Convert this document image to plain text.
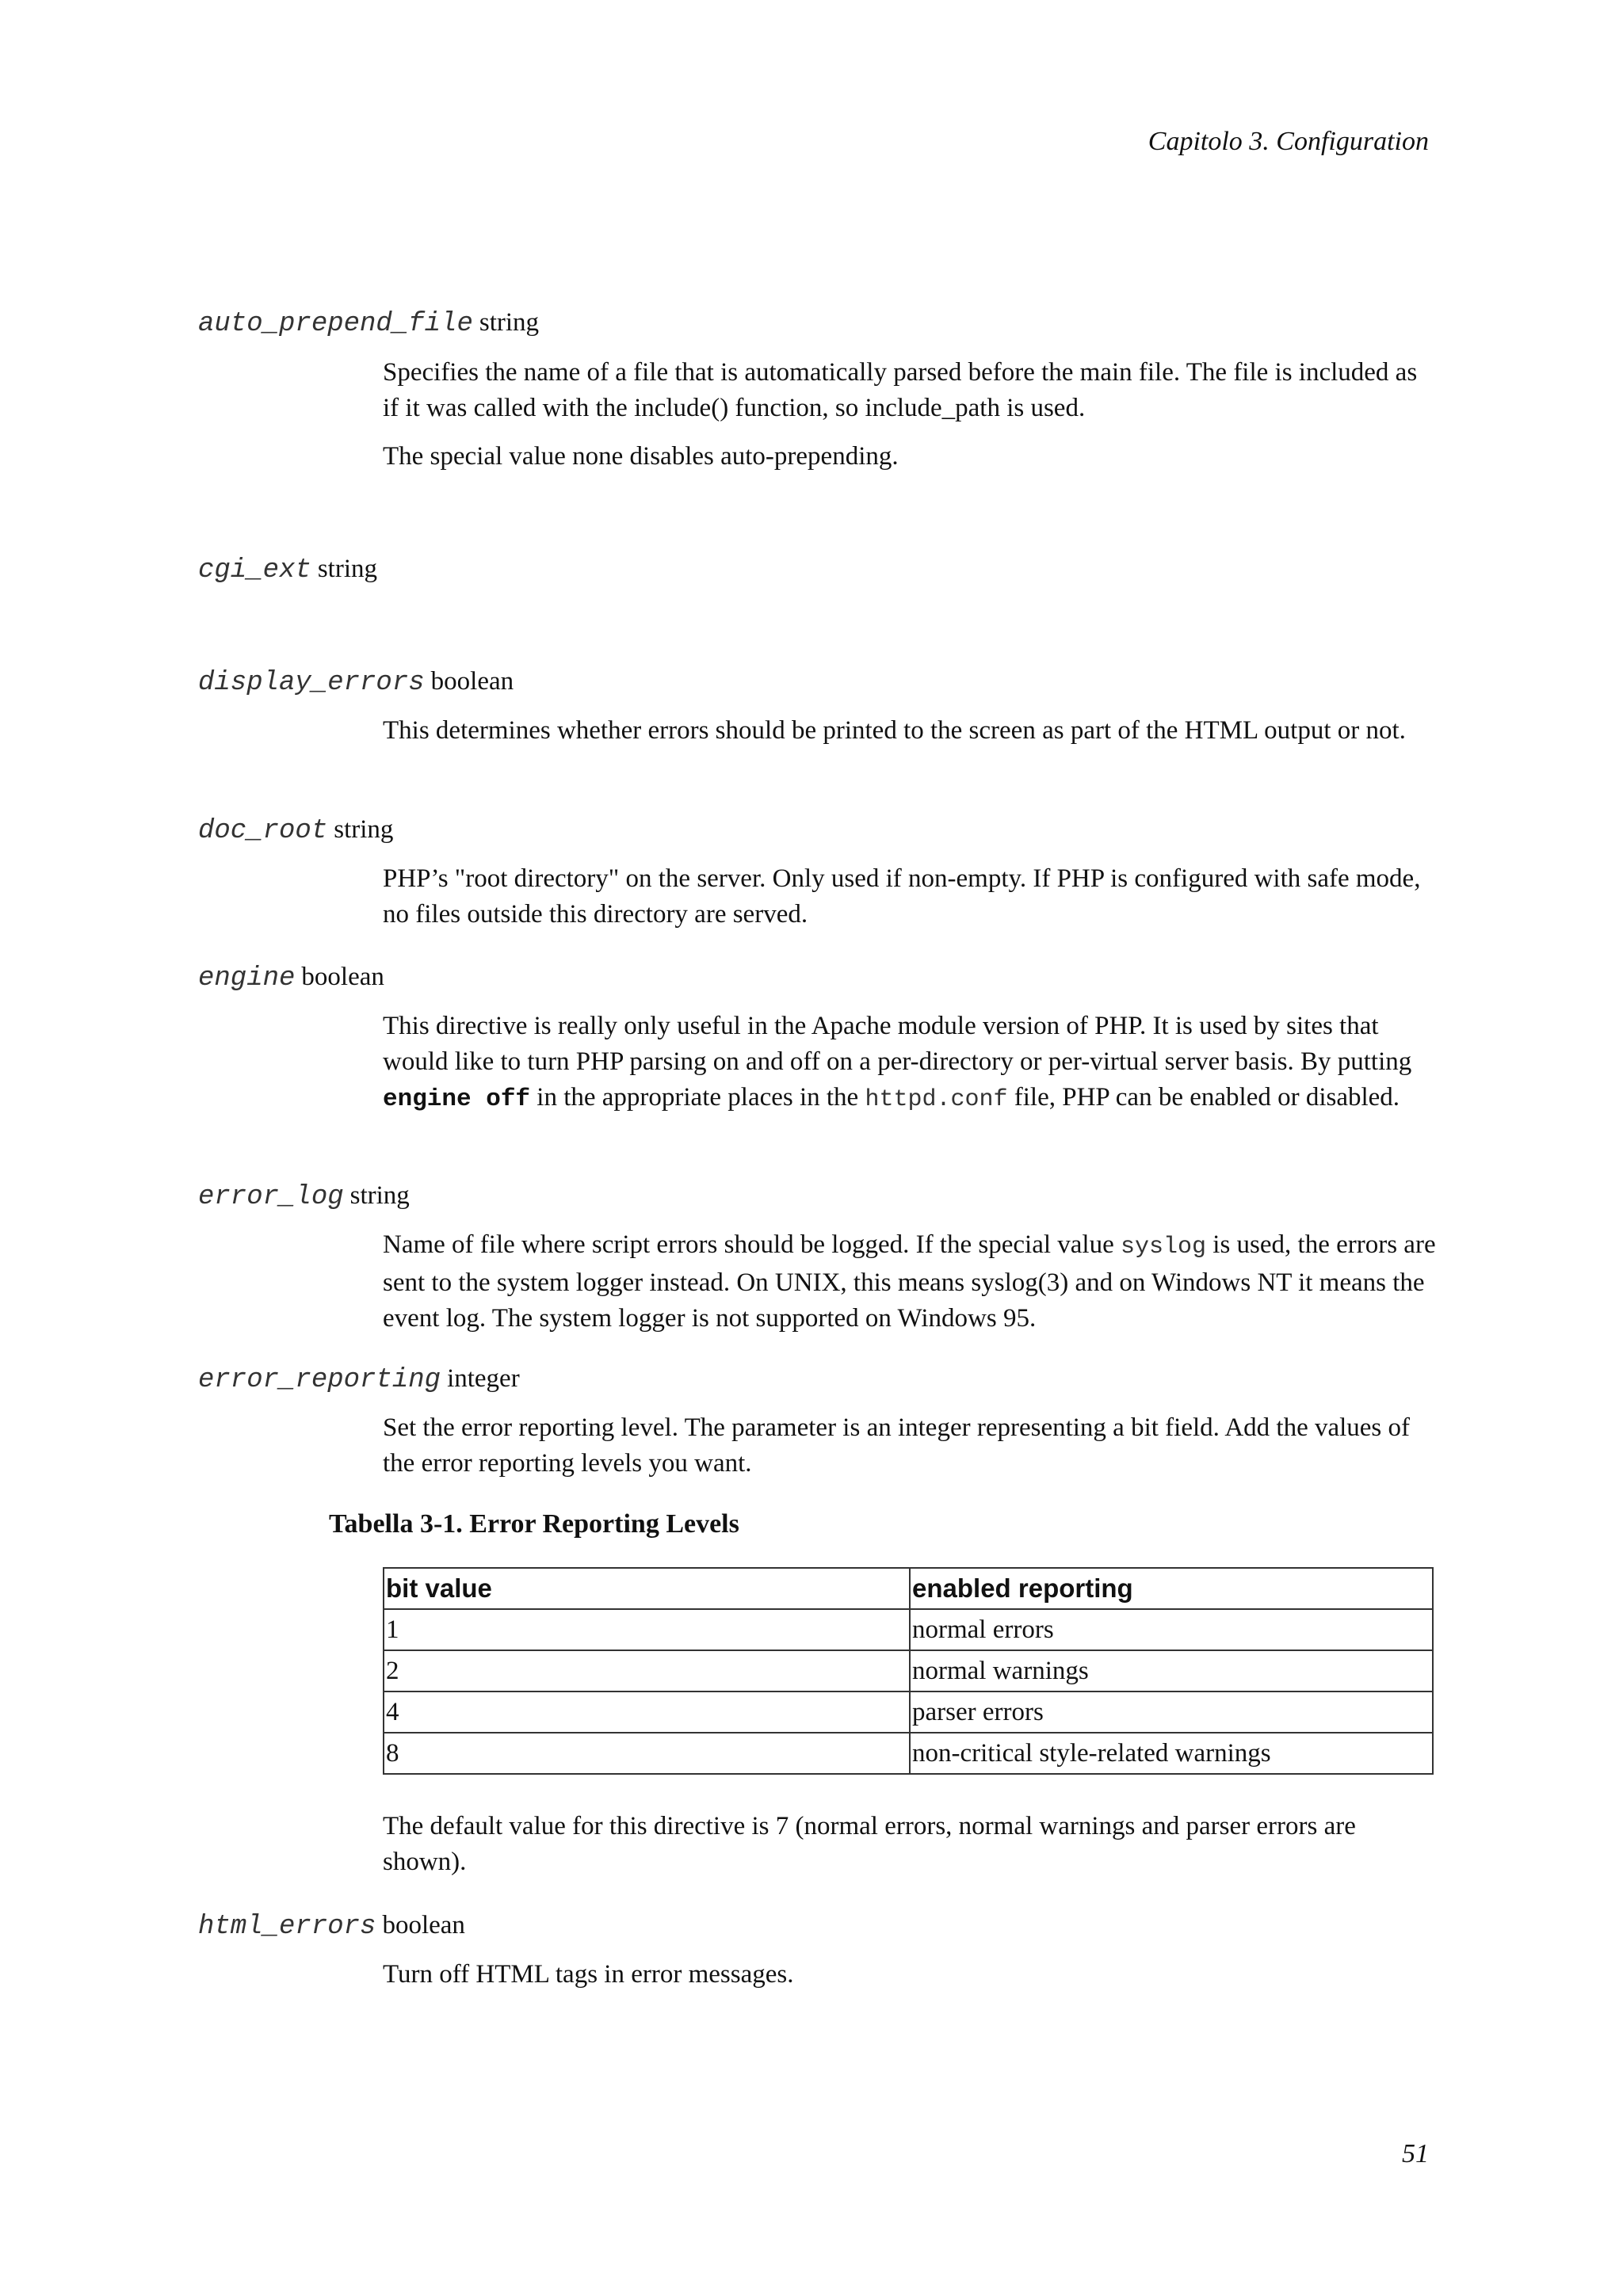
Capitolo 3. Configuration
auto_prepend_file string

Specifies the name of a file that is automatically parsed before the main file. The file is included as if it was called with the include() function, so include_path is used.

The special value none disables auto-prepending.

cgi_ext string
display_errors boolean

This determines whether errors should be printed to the screen as part of the HTML output or not.

doc_root string

PHP’s "root directory" on the server. Only used if non-empty. If PHP is configured with safe mode, no files outside this directory are served.

engine boolean

This directive is really only useful in the Apache module version of PHP. It is used by sites that would like to turn PHP parsing on and off on a per-directory or per-virtual server basis. By putting engine off in the appropriate places in the httpd.conf file, PHP can be enabled or disabled.

error_log string

Name of file where script errors should be logged. If the special value syslog is used, the errors are sent to the system logger instead. On UNIX, this means syslog(3) and on Windows NT it means the event log. The system logger is not supported on Windows 95.

error_reporting integer

Set the error reporting level. The parameter is an integer representing a bit field. Add the values of the error reporting levels you want.

Tabella 3-1. Error Reporting Levels
bit value	enabled reporting
1	normal errors
2	normal warnings
4	parser errors
8	non-critical style-related warnings

The default value for this directive is 7 (normal errors, normal warnings and parser errors are shown).

html_errors boolean

Turn off HTML tags in error messages.

51
